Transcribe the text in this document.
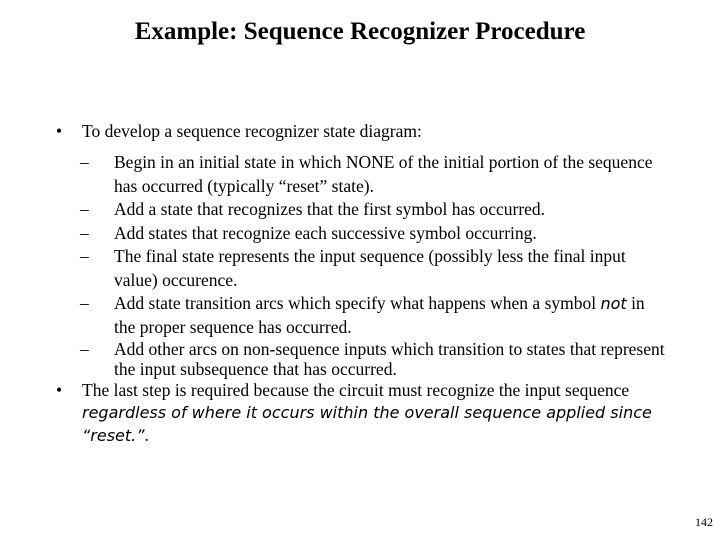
Example: Sequence Recognizer Procedure
• To develop a sequence recognizer state diagram:
– Begin in an initial state in which NONE of the initial portion of the sequence has occurred (typically “reset” state).
– Add a state that recognizes that the first symbol has occurred.
– Add states that recognize each successive symbol occurring.
– The final state represents the input sequence (possibly less the final input value) occurence.
– Add state transition arcs which specify what happens when a symbol not in the proper sequence has occurred.
– Add other arcs on non-sequence inputs which transition to states that represent the input subsequence that has occurred.
• The last step is required because the circuit must recognize the input sequence regardless of where it occurs within the overall sequence applied since “reset.”.
142
